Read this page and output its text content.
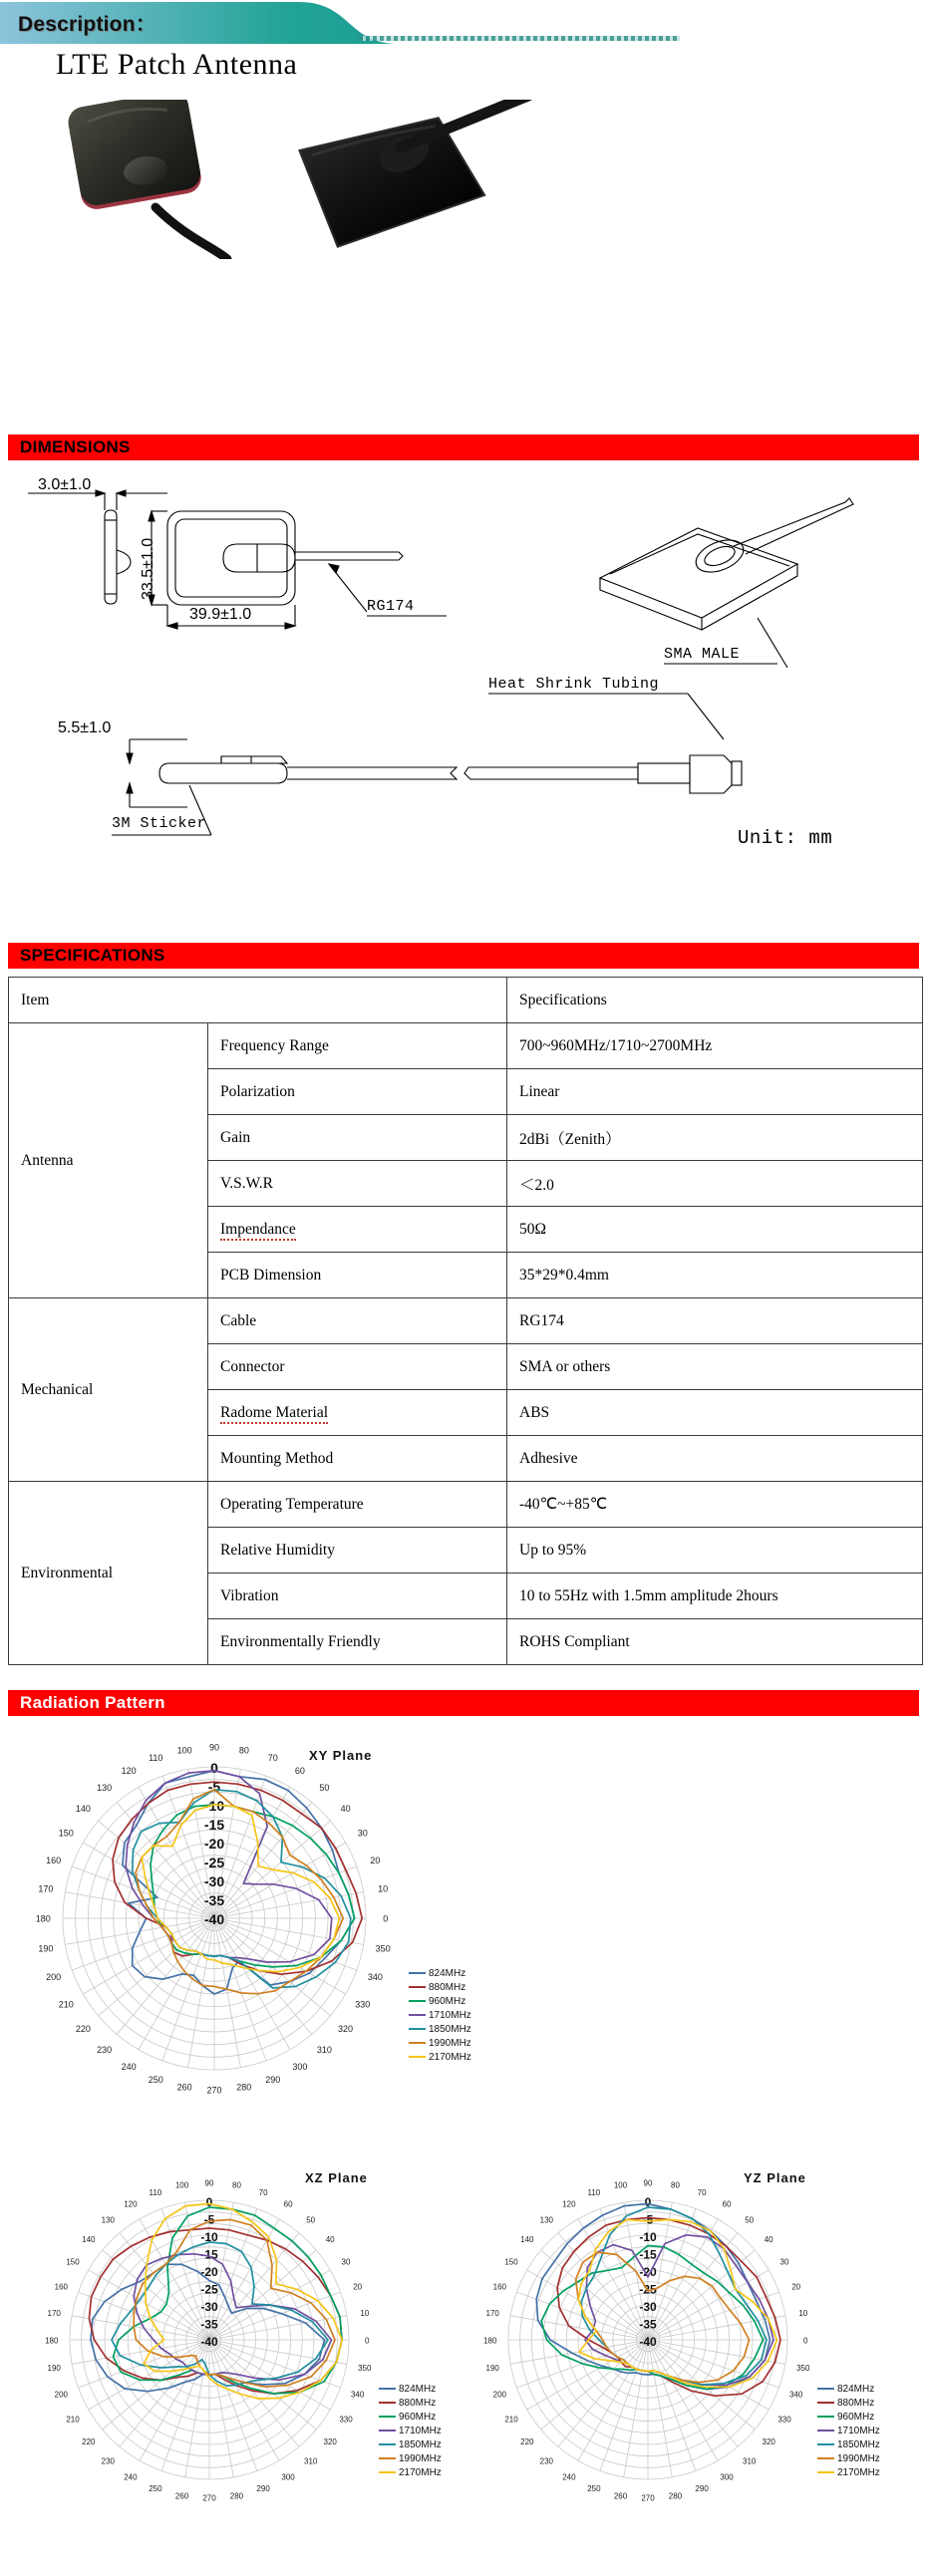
Description：
LTE Patch Antenna
DIMENSIONS
3.0±1.0
33.5±1.0
39.9±1.0
5.5±1.0
RG174
SMA MALE
Heat Shrink Tubing
3M Sticker
Unit: mm
SPECIFICATIONS
Item		Specifications
Antenna	Frequency Range	700~960MHz/1710~2700MHz
	Polarization	Linear
	Gain	2dBi（Zenith）
	V.S.W.R	＜2.0
	Impendance	50Ω
	PCB Dimension	35*29*0.4mm
Mechanical	Cable	RG174
	Connector	SMA or others
	Radome Material	ABS
	Mounting Method	Adhesive
Environmental	Operating Temperature	-40℃~+85℃
	Relative Humidity	Up to 95%
	Vibration	10 to 55Hz with 1.5mm amplitude 2hours
	Environmentally Friendly	ROHS Compliant
Radiation Pattern
0
10
20
30
40
50
60
70
80
90
100
110
120
130
140
150
160
170
180
190
200
210
220
230
240
250
260 270 280
290
300
310
320
330
340
350
0
-5
-10
-15
-20
-25
-30
-35
-40
XY Plane
824MHz
880MHz
960MHz
1710MHz
1850MHz
1990MHz
2170MHz
0
10
20
30
40
50
60
70
80
90
100
110
120
130
140
150
160
170
180
190
200
210
220
230
240
250
260 270 280
290
300
310
320
330
340
350
0
-5
-10
-15
-20
-25
-30
-35
-40
XZ Plane
824MHz
880MHz
960MHz
1710MHz
1850MHz
1990MHz
2170MHz
0
10
20
30
40
50
60
70
80
90
100
110
120
130
140
150
160
170
180
190
200
210
220
230
240
250
260 270 280
290
300
310
320
330
340
350
0
-5
-10
-15
-20
-25
-30
-35
-40
YZ Plane
824MHz
880MHz
960MHz
1710MHz
1850MHz
1990MHz
2170MHz
